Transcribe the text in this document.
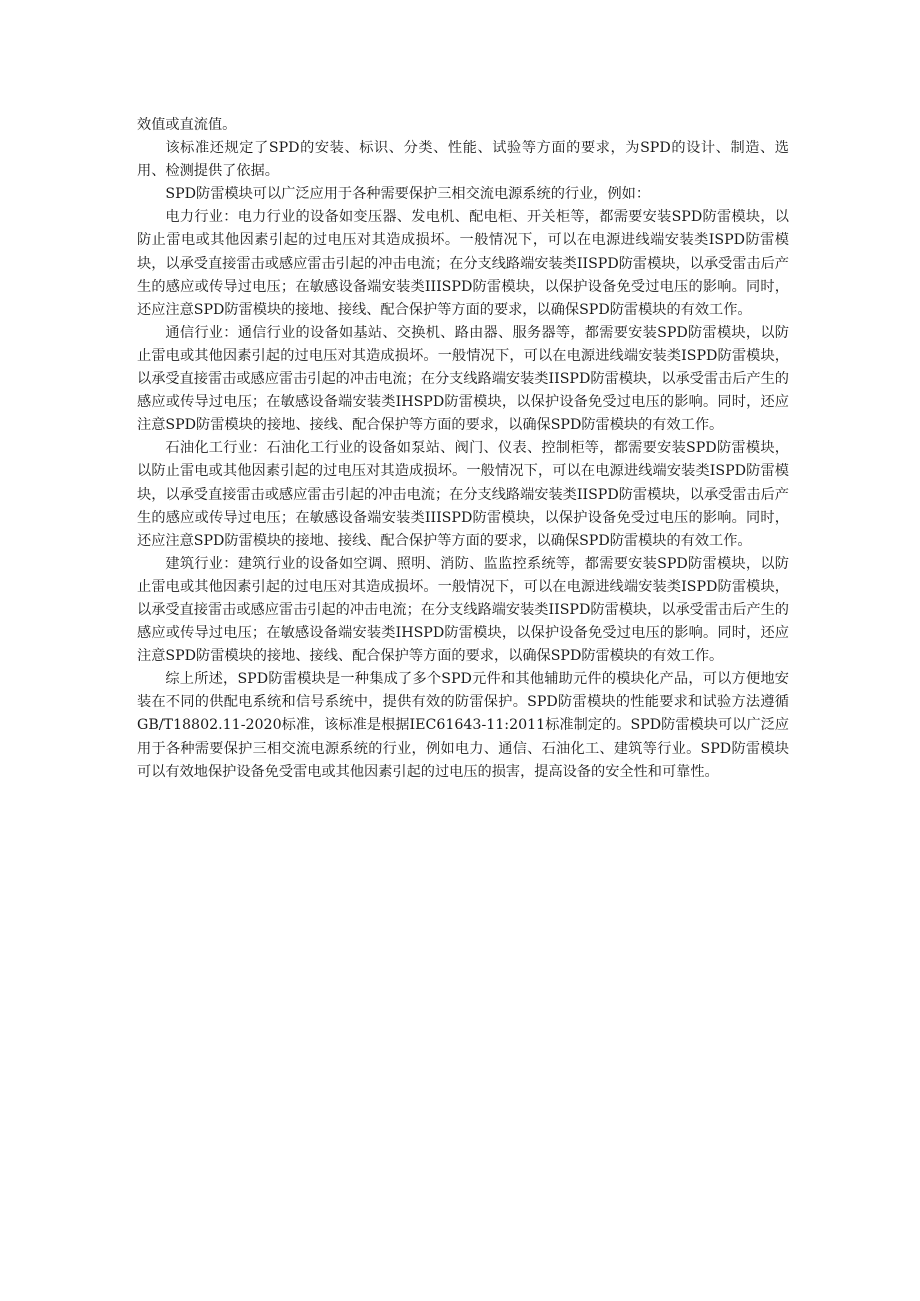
效值或直流值。

该标准还规定了SPD的安装、标识、分类、性能、试验等方面的要求，为SPD的设计、制造、选用、检测提供了依据。

SPD防雷模块可以广泛应用于各种需要保护三相交流电源系统的行业，例如：

电力行业：电力行业的设备如变压器、发电机、配电柜、开关柜等，都需要安装SPD防雷模块，以防止雷电或其他因素引起的过电压对其造成损坏。一般情况下，可以在电源进线端安装类ISPD防雷模块，以承受直接雷击或感应雷击引起的冲击电流；在分支线路端安装类IISPD防雷模块，以承受雷击后产生的感应或传导过电压；在敏感设备端安装类IIISPD防雷模块，以保护设备免受过电压的影响。同时，还应注意SPD防雷模块的接地、接线、配合保护等方面的要求，以确保SPD防雷模块的有效工作。

通信行业：通信行业的设备如基站、交换机、路由器、服务器等，都需要安装SPD防雷模块，以防止雷电或其他因素引起的过电压对其造成损坏。一般情况下，可以在电源进线端安装类ISPD防雷模块，以承受直接雷击或感应雷击引起的冲击电流；在分支线路端安装类IISPD防雷模块，以承受雷击后产生的感应或传导过电压；在敏感设备端安装类IHSPD防雷模块，以保护设备免受过电压的影响。同时，还应注意SPD防雷模块的接地、接线、配合保护等方面的要求，以确保SPD防雷模块的有效工作。

石油化工行业：石油化工行业的设备如泵站、阀门、仪表、控制柜等，都需要安装SPD防雷模块，以防止雷电或其他因素引起的过电压对其造成损坏。一般情况下，可以在电源进线端安装类ISPD防雷模块，以承受直接雷击或感应雷击引起的冲击电流；在分支线路端安装类IISPD防雷模块，以承受雷击后产生的感应或传导过电压；在敏感设备端安装类IIISPD防雷模块，以保护设备免受过电压的影响。同时，还应注意SPD防雷模块的接地、接线、配合保护等方面的要求，以确保SPD防雷模块的有效工作。

建筑行业：建筑行业的设备如空调、照明、消防、监监控系统等，都需要安装SPD防雷模块，以防止雷电或其他因素引起的过电压对其造成损坏。一般情况下，可以在电源进线端安装类ISPD防雷模块，以承受直接雷击或感应雷击引起的冲击电流；在分支线路端安装类IISPD防雷模块，以承受雷击后产生的感应或传导过电压；在敏感设备端安装类IHSPD防雷模块，以保护设备免受过电压的影响。同时，还应注意SPD防雷模块的接地、接线、配合保护等方面的要求，以确保SPD防雷模块的有效工作。

综上所述，SPD防雷模块是一种集成了多个SPD元件和其他辅助元件的模块化产品，可以方便地安装在不同的供配电系统和信号系统中，提供有效的防雷保护。SPD防雷模块的性能要求和试验方法遵循GB/T18802.11-2020标准，该标准是根据IEC61643-11:2011标准制定的。SPD防雷模块可以广泛应用于各种需要保护三相交流电源系统的行业，例如电力、通信、石油化工、建筑等行业。SPD防雷模块可以有效地保护设备免受雷电或其他因素引起的过电压的损害，提高设备的安全性和可靠性。
